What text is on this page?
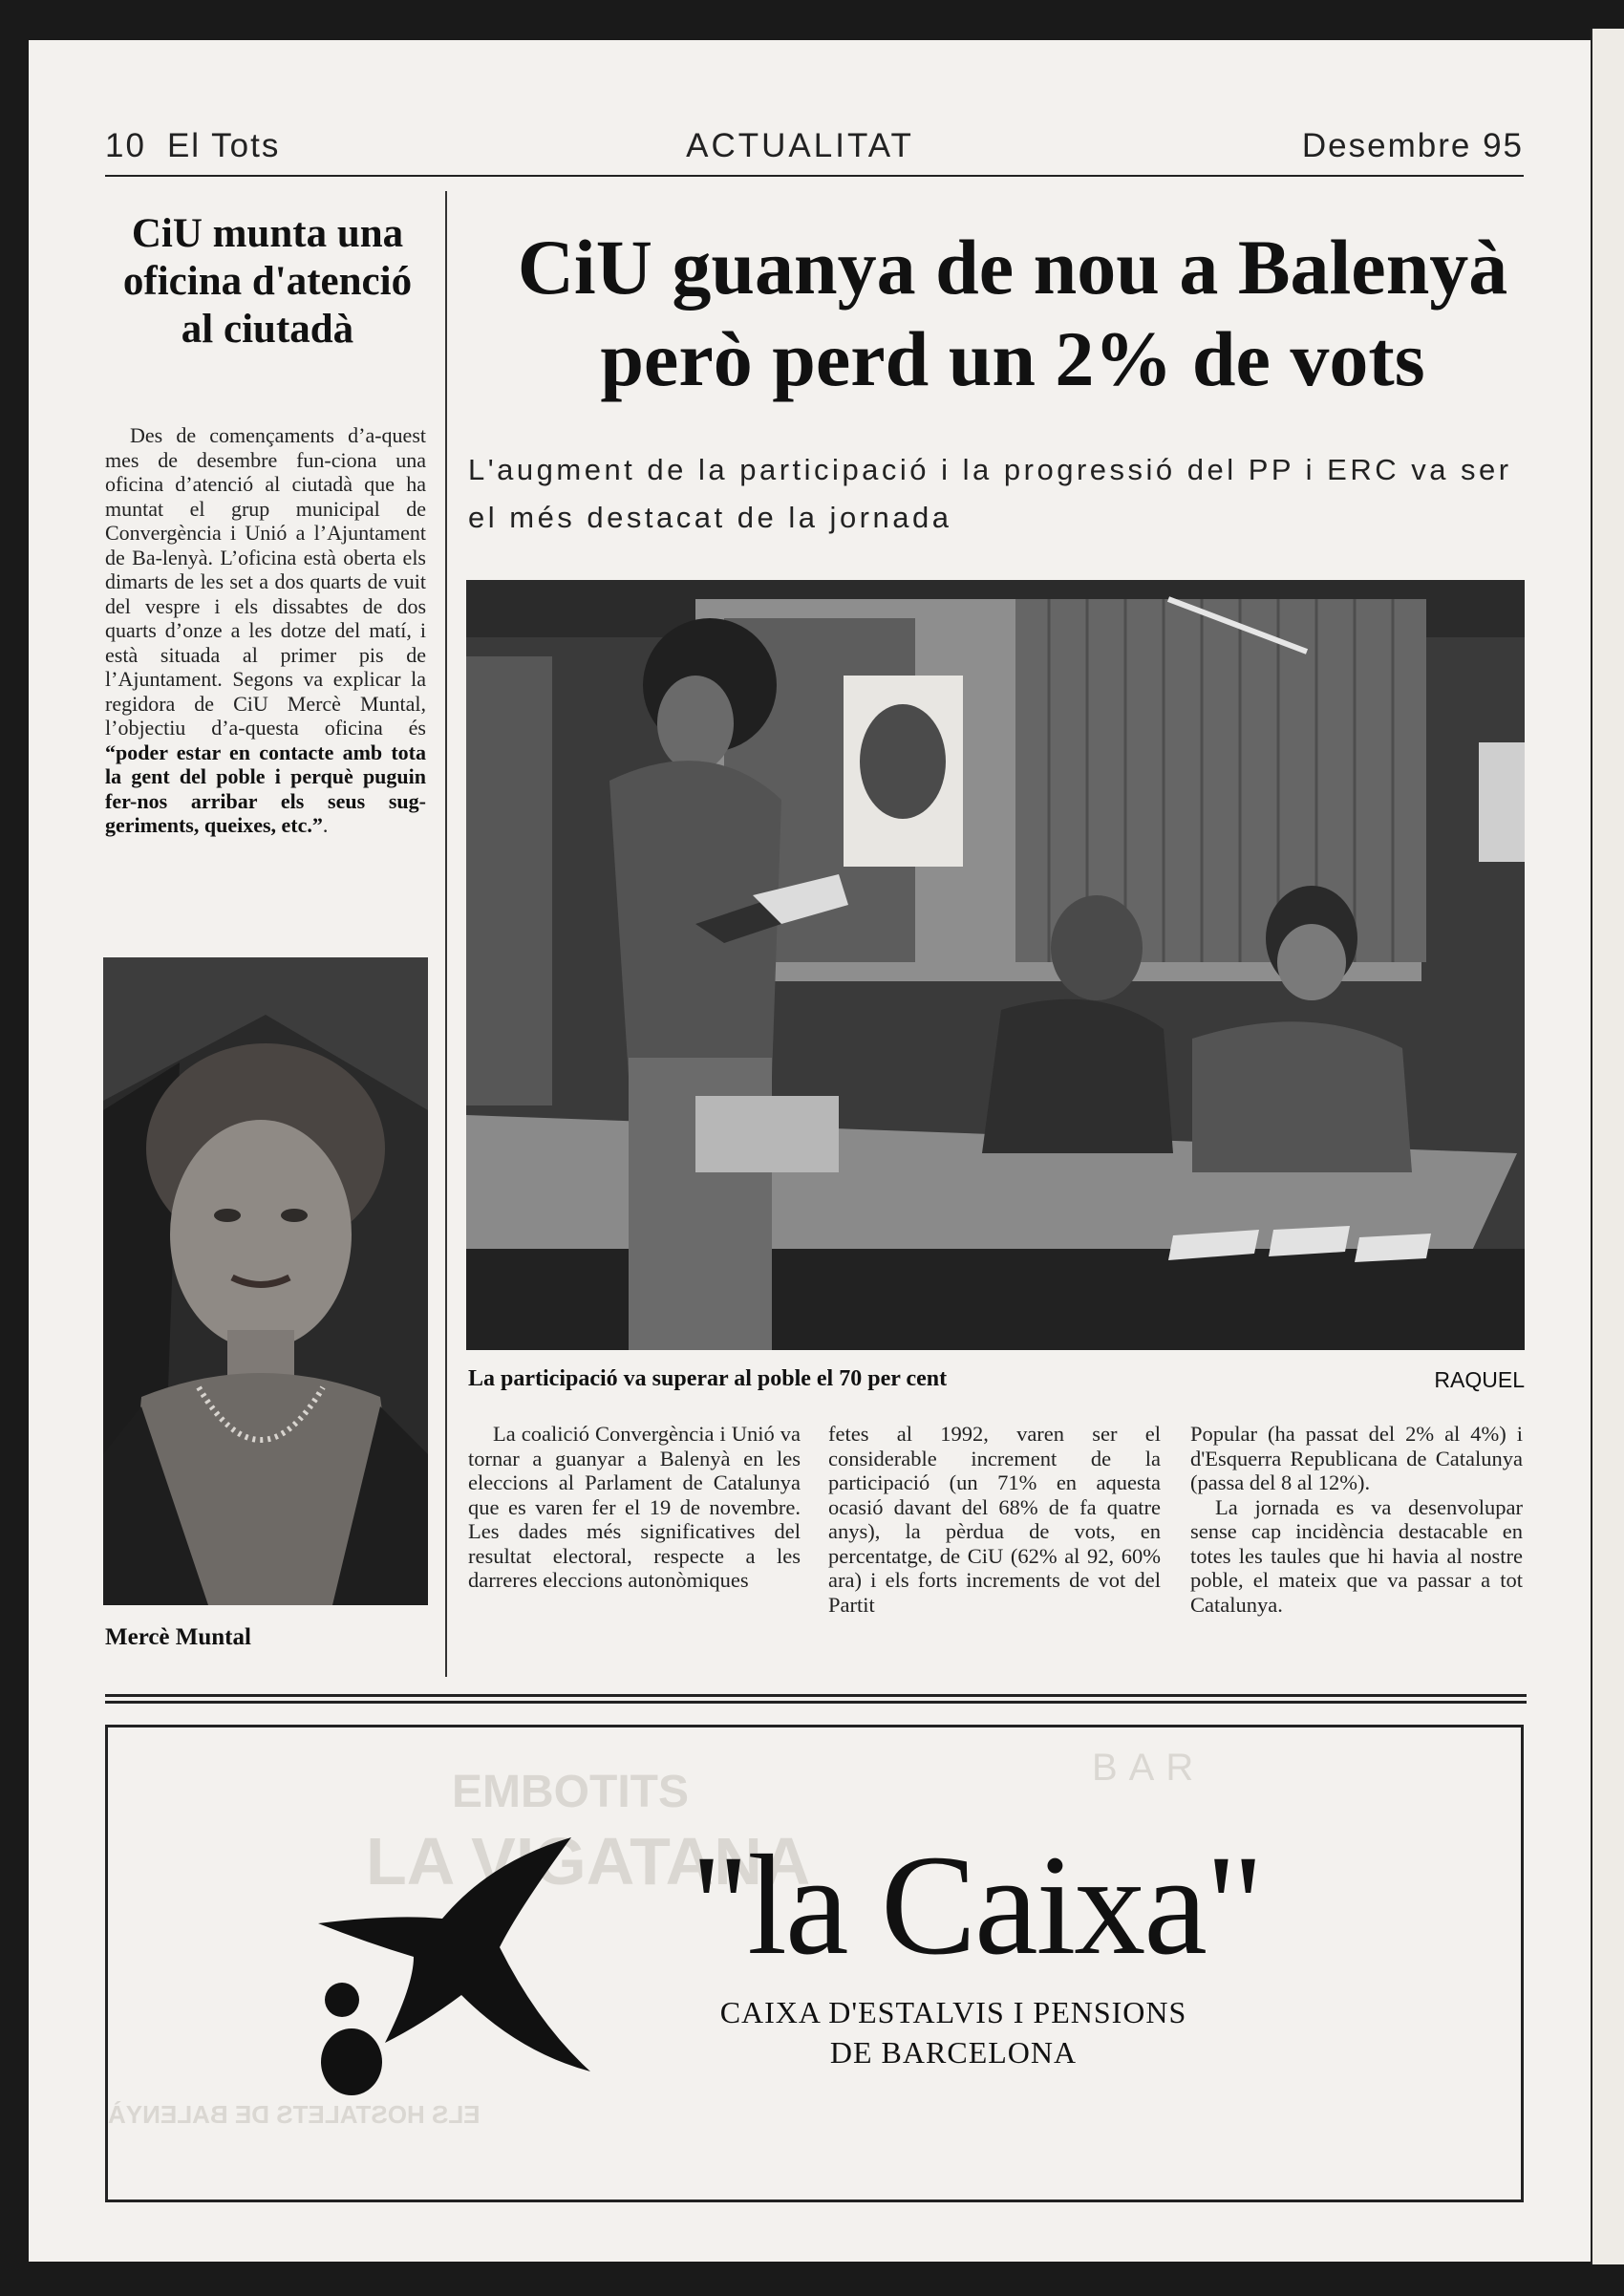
10 El Tots	ACTUALITAT	Desembre 95
CiU munta una oficina d'atenció al ciutadà
Des de començaments d’a-quest mes de desembre fun-ciona una oficina d’atenció al ciutadà que ha muntat el grup municipal de Convergència i Unió a l’Ajuntament de Ba-lenyà. L’oficina està oberta els dimarts de les set a dos quarts de vuit del vespre i els dissabtes de dos quarts d’onze a les dotze del matí, i està situada al primer pis de l’Ajuntament. Segons va explicar la regidora de CiU Mercè Muntal, l’objectiu d’a-questa oficina és “poder estar en contacte amb tota la gent del poble i perquè puguin fer-nos arribar els seus sug-geriments, queixes, etc.”.
Mercè Muntal
CiU guanya de nou a Balenyà però perd un 2% de vots
L'augment de la participació i la progressió del PP i ERC va ser el més destacat de la jornada
La participació va superar al poble el 70 per cent	RAQUEL
La coalició Convergència i Unió va tornar a guanyar a Balenyà en les eleccions al Parlament de Catalunya que es varen fer el 19 de novembre. Les dades més significatives del resultat electoral, respecte a les darreres eleccions autonòmiques
fetes al 1992, varen ser el considerable increment de la participació (un 71% en aquesta ocasió davant del 68% de fa quatre anys), la pèrdua de vots, en percentatge, de CiU (62% al 92, 60% ara) i els forts increments de vot del Partit
Popular (ha passat del 2% al 4%) i d'Esquerra Republicana de Catalunya (passa del 8 al 12%).
La jornada es va desenvolupar sense cap incidència destacable en totes les taules que hi havia al nostre poble, el mateix que va passar a tot Catalunya.
EMBOTITS
LA VIGATANA
BAR
ELS HOSTALETS DE BALENYÀ
"la Caixa"
CAIXA D'ESTALVIS I PENSIONS
DE BARCELONA
